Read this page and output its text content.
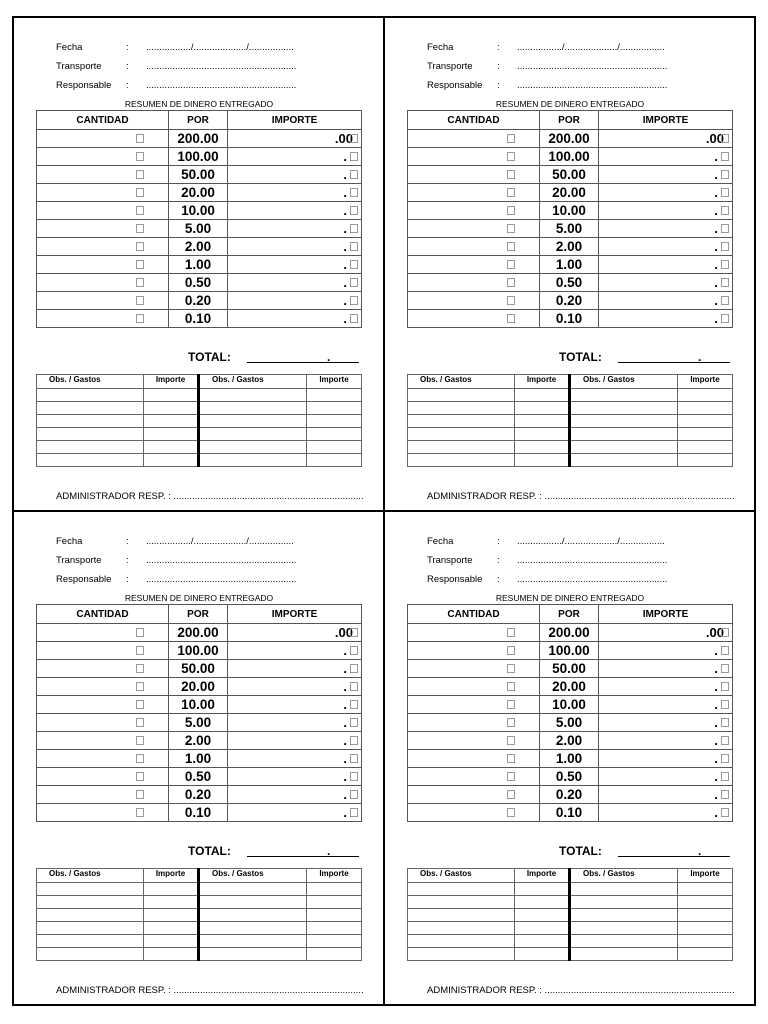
Fecha	: ................./..................../.................
Transporte	: .........................................................
Responsable : .........................................................
RESUMEN DE DINERO ENTREGADO
CANTIDAD	POR	IMPORTE

	200.00	.00

	100.00	.

	50.00	.

	20.00	.

	10.00	.

	5.00	.

	2.00	.

	1.00	.

	0.50	.

	0.20	.

	0.10	.
TOTAL:	.
Obs. / Gastos	Importe	Obs. / Gastos	Importe

ADMINISTRADOR RESP. : ........................................................................
Fecha	: ................./..................../.................
Transporte	: .........................................................
Responsable : .........................................................
RESUMEN DE DINERO ENTREGADO
CANTIDAD	POR	IMPORTE

	200.00	.00

	100.00	.

	50.00	.

	20.00	.

	10.00	.

	5.00	.

	2.00	.

	1.00	.

	0.50	.

	0.20	.

	0.10	.
TOTAL:	.
Obs. / Gastos	Importe	Obs. / Gastos	Importe

ADMINISTRADOR RESP. : ........................................................................
Fecha	: ................./..................../.................
Transporte	: .........................................................
Responsable : .........................................................
RESUMEN DE DINERO ENTREGADO
CANTIDAD	POR	IMPORTE

	200.00	.00

	100.00	.

	50.00	.

	20.00	.

	10.00	.

	5.00	.

	2.00	.

	1.00	.

	0.50	.

	0.20	.

	0.10	.
TOTAL:	.
Obs. / Gastos	Importe	Obs. / Gastos	Importe

ADMINISTRADOR RESP. : ........................................................................
Fecha	: ................./..................../.................
Transporte	: .........................................................
Responsable : .........................................................
RESUMEN DE DINERO ENTREGADO
CANTIDAD	POR	IMPORTE

	200.00	.00

	100.00	.

	50.00	.

	20.00	.

	10.00	.

	5.00	.

	2.00	.

	1.00	.

	0.50	.

	0.20	.

	0.10	.
TOTAL:	.
Obs. / Gastos	Importe	Obs. / Gastos	Importe

ADMINISTRADOR RESP. : ........................................................................
